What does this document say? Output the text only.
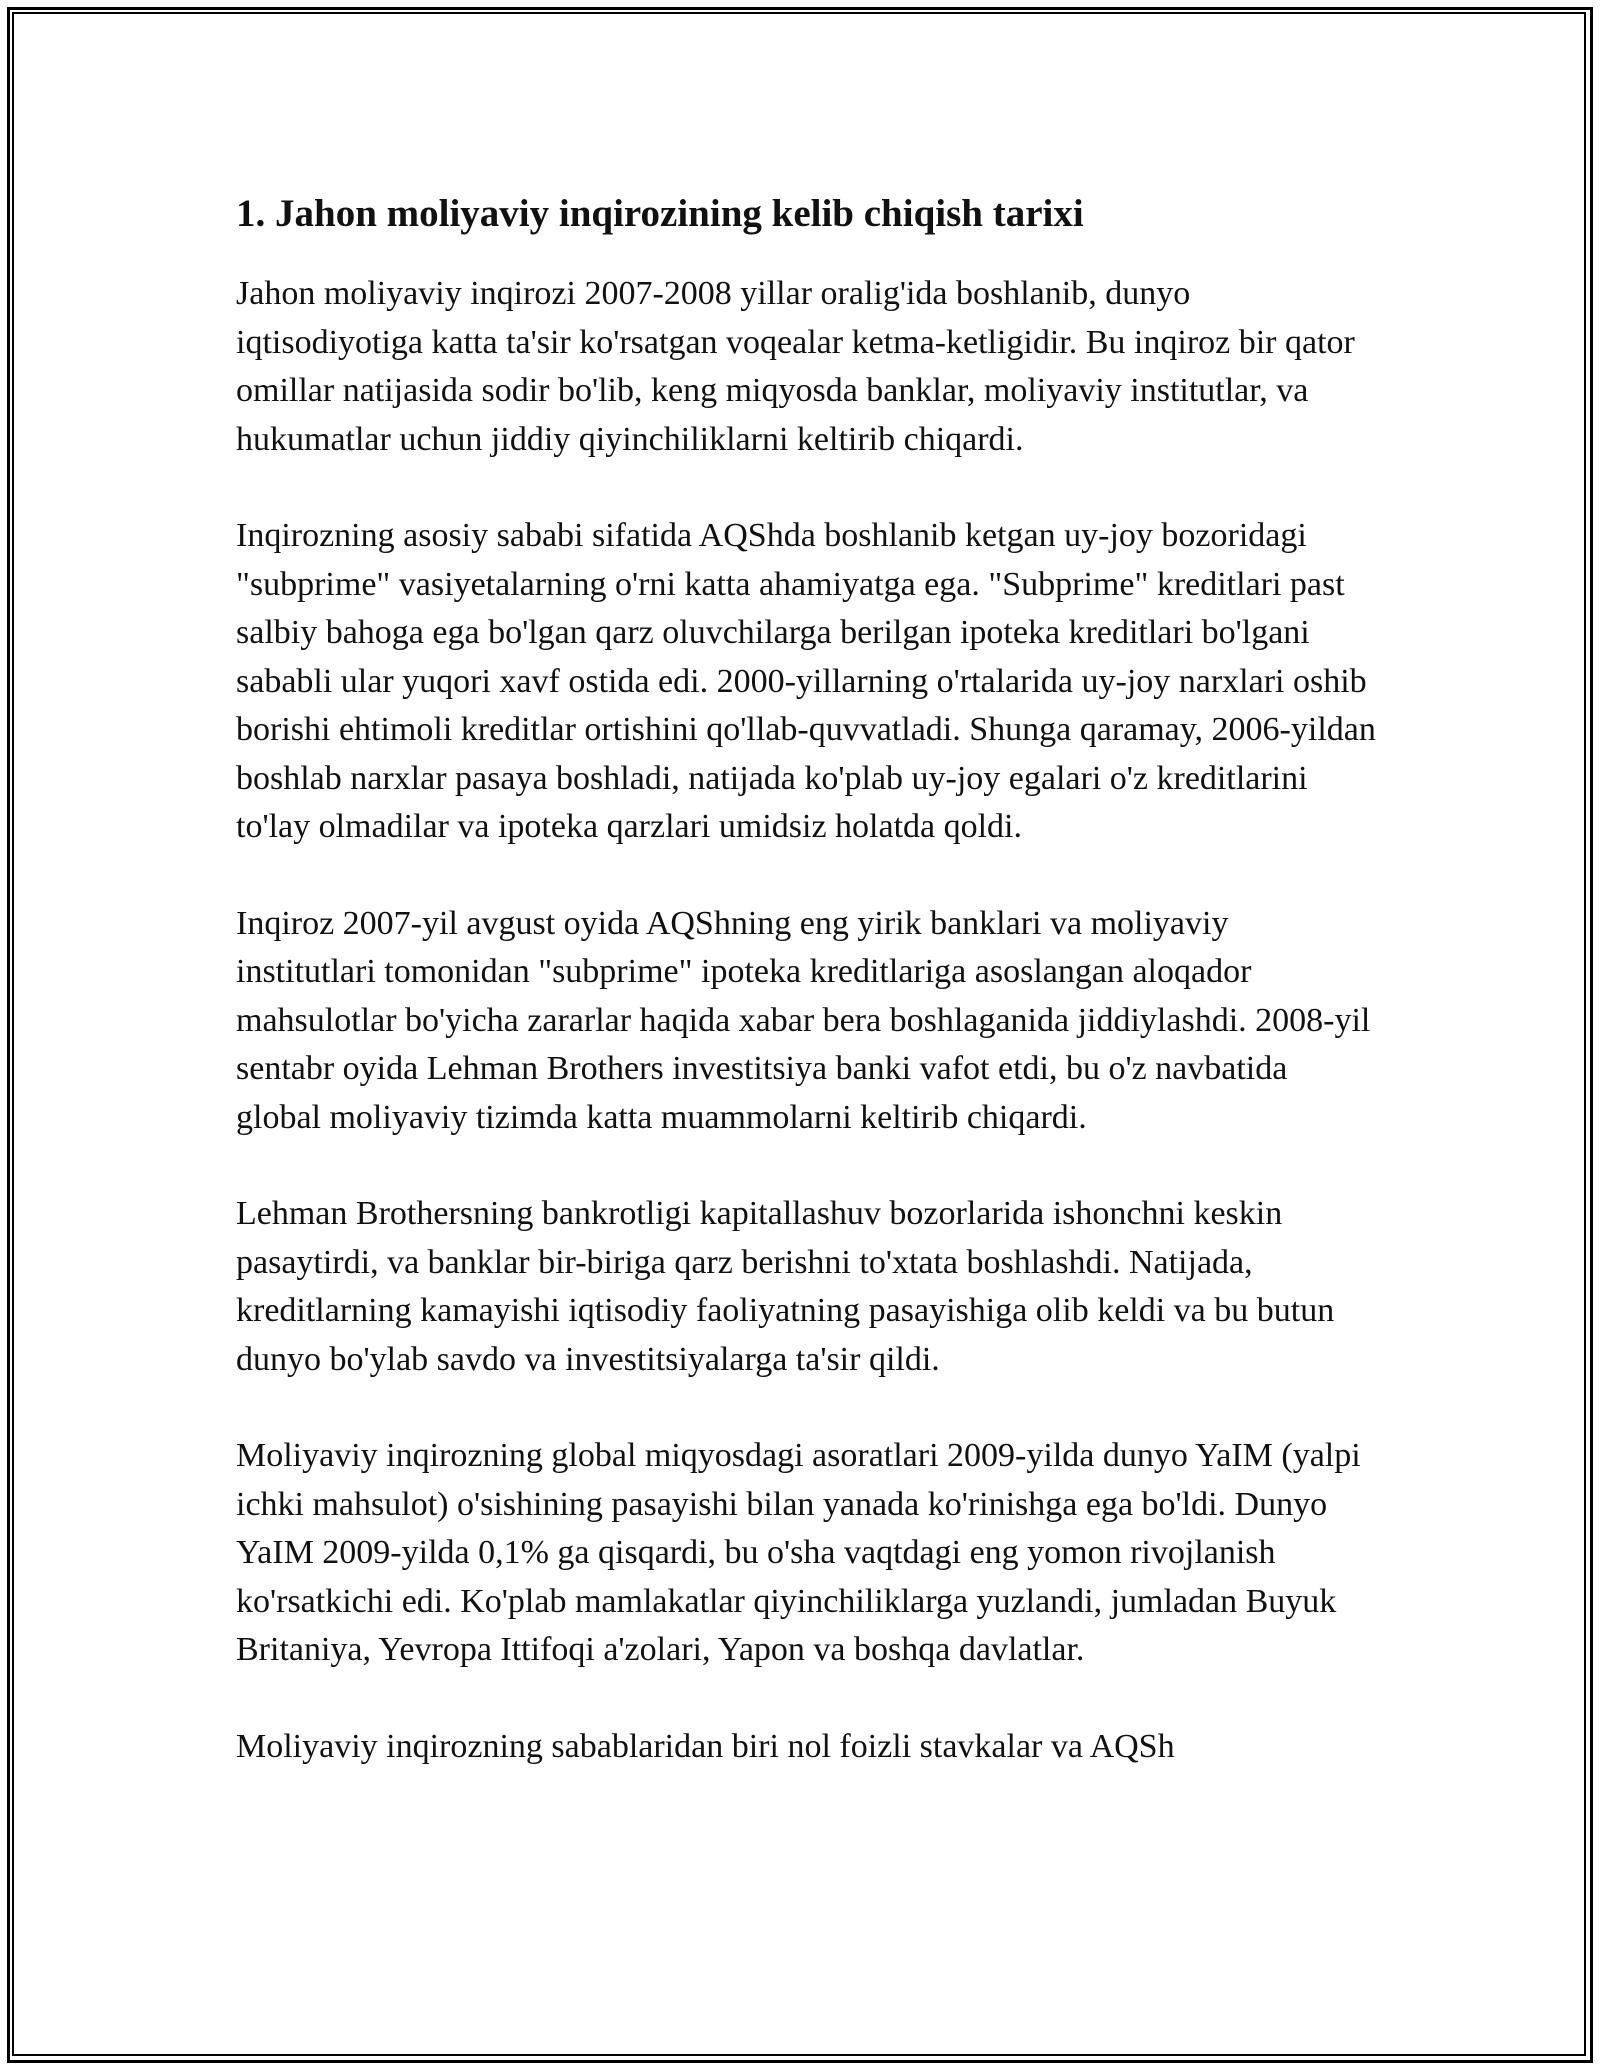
1. Jahon moliyaviy inqirozining kelib chiqish tarixi

Jahon moliyaviy inqirozi 2007-2008 yillar oralig'ida boshlanib, dunyo iqtisodiyotiga katta ta'sir ko'rsatgan voqealar ketma-ketligidir. Bu inqiroz bir qator omillar natijasida sodir bo'lib, keng miqyosda banklar, moliyaviy institutlar, va hukumatlar uchun jiddiy qiyinchiliklarni keltirib chiqardi.

Inqirozning asosiy sababi sifatida AQShda boshlanib ketgan uy-joy bozoridagi "subprime" vasiyetalarning o'rni katta ahamiyatga ega. "Subprime" kreditlari past salbiy bahoga ega bo'lgan qarz oluvchilarga berilgan ipoteka kreditlari bo'lgani sababli ular yuqori xavf ostida edi. 2000-yillarning o'rtalarida uy-joy narxlari oshib borishi ehtimoli kreditlar ortishini qo'llab-quvvatladi. Shunga qaramay, 2006-yildan boshlab narxlar pasaya boshladi, natijada ko'plab uy-joy egalari o'z kreditlarini to'lay olmadilar va ipoteka qarzlari umidsiz holatda qoldi.

Inqiroz 2007-yil avgust oyida AQShning eng yirik banklari va moliyaviy institutlari tomonidan "subprime" ipoteka kreditlariga asoslangan aloqador mahsulotlar bo'yicha zararlar haqida xabar bera boshlaganida jiddiylashdi. 2008-yil sentabr oyida Lehman Brothers investitsiya banki vafot etdi, bu o'z navbatida global moliyaviy tizimda katta muammolarni keltirib chiqardi.

Lehman Brothersning bankrotligi kapitallashuv bozorlarida ishonchni keskin pasaytirdi, va banklar bir-biriga qarz berishni to'xtata boshlashdi. Natijada, kreditlarning kamayishi iqtisodiy faoliyatning pasayishiga olib keldi va bu butun dunyo bo'ylab savdo va investitsiyalarga ta'sir qildi.

Moliyaviy inqirozning global miqyosdagi asoratlari 2009-yilda dunyo YaIM (yalpi ichki mahsulot) o'sishining pasayishi bilan yanada ko'rinishga ega bo'ldi. Dunyo YaIM 2009-yilda 0,1% ga qisqardi, bu o'sha vaqtdagi eng yomon rivojlanish ko'rsatkichi edi. Ko'plab mamlakatlar qiyinchiliklarga yuzlandi, jumladan Buyuk Britaniya, Yevropa Ittifoqi a'zolari, Yapon va boshqa davlatlar.

Moliyaviy inqirozning sabablaridan biri nol foizli stavkalar va AQSh
